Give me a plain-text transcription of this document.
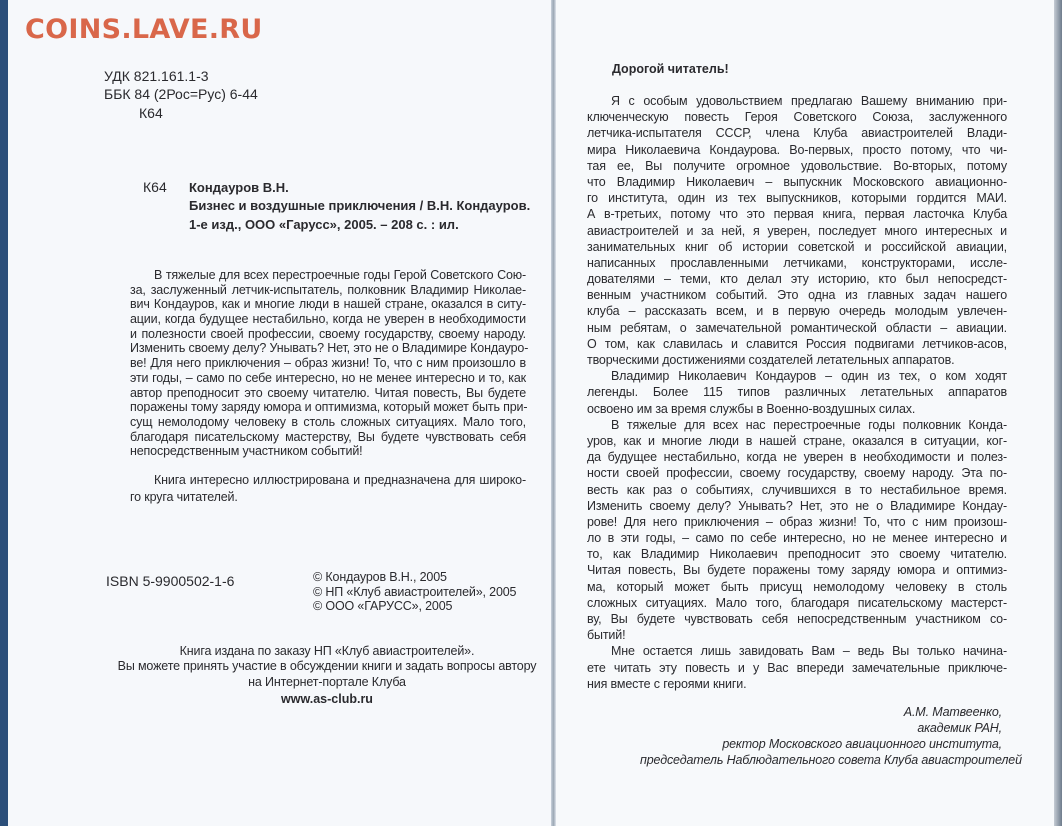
COINS.LAVE.RU
УДК 821.161.1-3
ББК 84 (2Рос=Рус) 6-44
К64
К64 Кондауров В.Н.
Бизнес и воздушные приключения / В.Н. Кондауров.
1-е изд., ООО «Гарусс», 2005. – 208 с. : ил.
В тяжелые для всех перестроечные годы Герой Советского Сою-
за, заслуженный летчик-испытатель, полковник Владимир Николае-
вич Кондауров, как и многие люди в нашей стране, оказался в ситу-
ации, когда будущее нестабильно, когда не уверен в необходимости
и полезности своей профессии, своему государству, своему народу.
Изменить своему делу? Унывать? Нет, это не о Владимире Кондауро-
ве! Для него приключения – образ жизни! То, что с ним произошло в
эти годы, – само по себе интересно, но не менее интересно и то, как
автор преподносит это своему читателю. Читая повесть, Вы будете
поражены тому заряду юмора и оптимизма, который может быть при-
сущ немолодому человеку в столь сложных ситуациях. Мало того,
благодаря писательскому мастерству, Вы будете чувствовать себя
непосредственным участником событий!
Книга интересно иллюстрирована и предназначена для широко-
го круга читателей.
ISBN 5-9900502-1-6	© Кондауров В.Н., 2005
© НП «Клуб авиастроителей», 2005
© ООО «ГАРУСС», 2005
Книга издана по заказу НП «Клуб авиастроителей».
Вы можете принять участие в обсуждении книги и задать вопросы автору
на Интернет-портале Клуба
www.as-club.ru
Дорогой читатель!
Я с особым удовольствием предлагаю Вашему вниманию при-
ключенческую повесть Героя Советского Союза, заслуженного
летчика-испытателя СССР, члена Клуба авиастроителей Влади-
мира Николаевича Кондаурова. Во-первых, просто потому, что чи-
тая ее, Вы получите огромное удовольствие. Во-вторых, потому
что Владимир Николаевич – выпускник Московского авиационно-
го института, один из тех выпускников, которыми гордится МАИ.
А в-третьих, потому что это первая книга, первая ласточка Клуба
авиастроителей и за ней, я уверен, последует много интересных и
занимательных книг об истории советской и российской авиации,
написанных прославленными летчиками, конструкторами, иссле-
дователями – теми, кто делал эту историю, кто был непосредст-
венным участником событий. Это одна из главных задач нашего
клуба – рассказать всем, и в первую очередь молодым увлечен-
ным ребятам, о замечательной романтической области – авиации.
О том, как славилась и славится Россия подвигами летчиков-асов,
творческими достижениями создателей летательных аппаратов.
Владимир Николаевич Кондауров – один из тех, о ком ходят
легенды. Более 115 типов различных летательных аппаратов
освоено им за время службы в Военно-воздушных силах.
В тяжелые для всех нас перестроечные годы полковник Конда-
уров, как и многие люди в нашей стране, оказался в ситуации, ког-
да будущее нестабильно, когда не уверен в необходимости и полез-
ности своей профессии, своему государству, своему народу. Эта по-
весть как раз о событиях, случившихся в то нестабильное время.
Изменить своему делу? Унывать? Нет, это не о Владимире Кондау-
рове! Для него приключения – образ жизни! То, что с ним произош-
ло в эти годы, – само по себе интересно, но не менее интересно и
то, как Владимир Николаевич преподносит это своему читателю.
Читая повесть, Вы будете поражены тому заряду юмора и оптимиз-
ма, который может быть присущ немолодому человеку в столь
сложных ситуациях. Мало того, благодаря писательскому мастерст-
ву, Вы будете чувствовать себя непосредственным участником со-
бытий!
Мне остается лишь завидовать Вам – ведь Вы только начина-
ете читать эту повесть и у Вас впереди замечательные приключе-
ния вместе с героями книги.
А.М. Матвеенко,
академик РАН,
ректор Московского авиационного института,
председатель Наблюдательного совета Клуба авиастроителей
